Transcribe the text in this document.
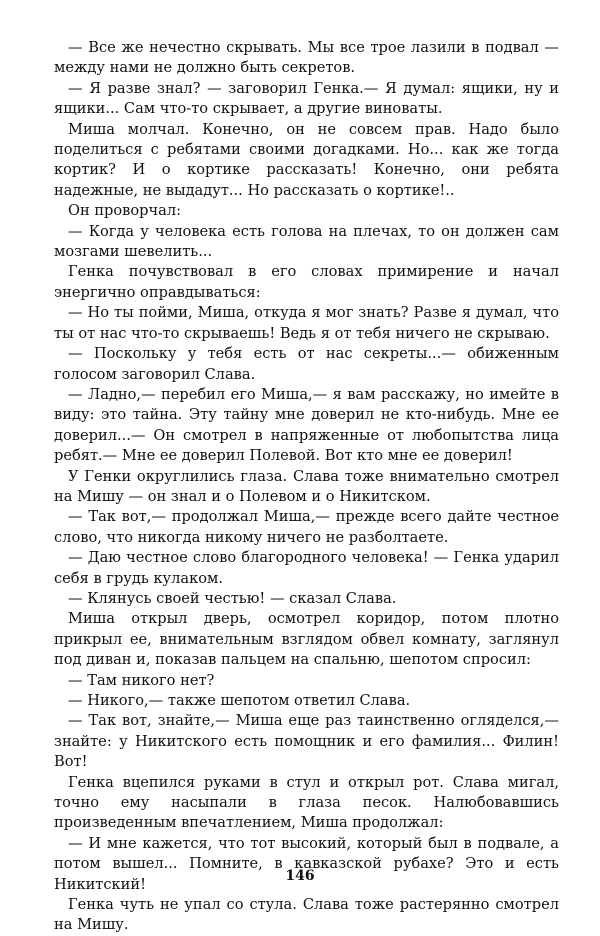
— Все же нечестно скрывать. Мы все трое лазили в подвал — между нами не должно быть секретов.

— Я разве знал? — заговорил Генка.— Я думал: ящики, ну и ящики... Сам что-то скрывает, а другие виноваты.

Миша молчал. Конечно, он не совсем прав. Надо было поделиться с ребятами своими догадками. Но... как же тогда кортик? И о кортике рассказать! Конечно, они ребята надежные, не выдадут... Но рассказать о кортике!..

Он проворчал:

— Когда у человека есть голова на плечах, то он должен сам мозгами шевелить...

Генка почувствовал в его словах примирение и начал энергично оправдываться:

— Но ты пойми, Миша, откуда я мог знать? Разве я думал, что ты от нас что-то скрываешь! Ведь я от тебя ничего не скрываю.

— Поскольку у тебя есть от нас секреты...— обиженным голосом заговорил Слава.

— Ладно,— перебил его Миша,— я вам расскажу, но имейте в виду: это тайна. Эту тайну мне доверил не кто-нибудь. Мне ее доверил...— Он смотрел в напряженные от любопытства лица ребят.— Мне ее доверил Полевой. Вот кто мне ее доверил!

У Генки округлились глаза. Слава тоже внимательно смотрел на Мишу — он знал и о Полевом и о Никитском.

— Так вот,— продолжал Миша,— прежде всего дайте честное слово, что никогда никому ничего не разболтаете.

— Даю честное слово благородного человека! — Генка ударил себя в грудь кулаком.

— Клянусь своей честью! — сказал Слава.

Миша открыл дверь, осмотрел коридор, потом плотно прикрыл ее, внимательным взглядом обвел комнату, заглянул под диван и, показав пальцем на спальню, шепотом спросил:

— Там никого нет?

— Никого,— также шепотом ответил Слава.

— Так вот, знайте,— Миша еще раз таинственно огляделся,— знайте: у Никитского есть помощник и его фамилия... Филин! Вот!

Генка вцепился руками в стул и открыл рот. Слава мигал, точно ему насыпали в глаза песок. Налюбовавшись произведенным впечатлением, Миша продолжал:

— И мне кажется, что тот высокий, который был в подвале, а потом вышел... Помните, в кавказской рубахе? Это и есть Никитский!

Генка чуть не упал со стула. Слава тоже растерянно смотрел на Мишу.

146
